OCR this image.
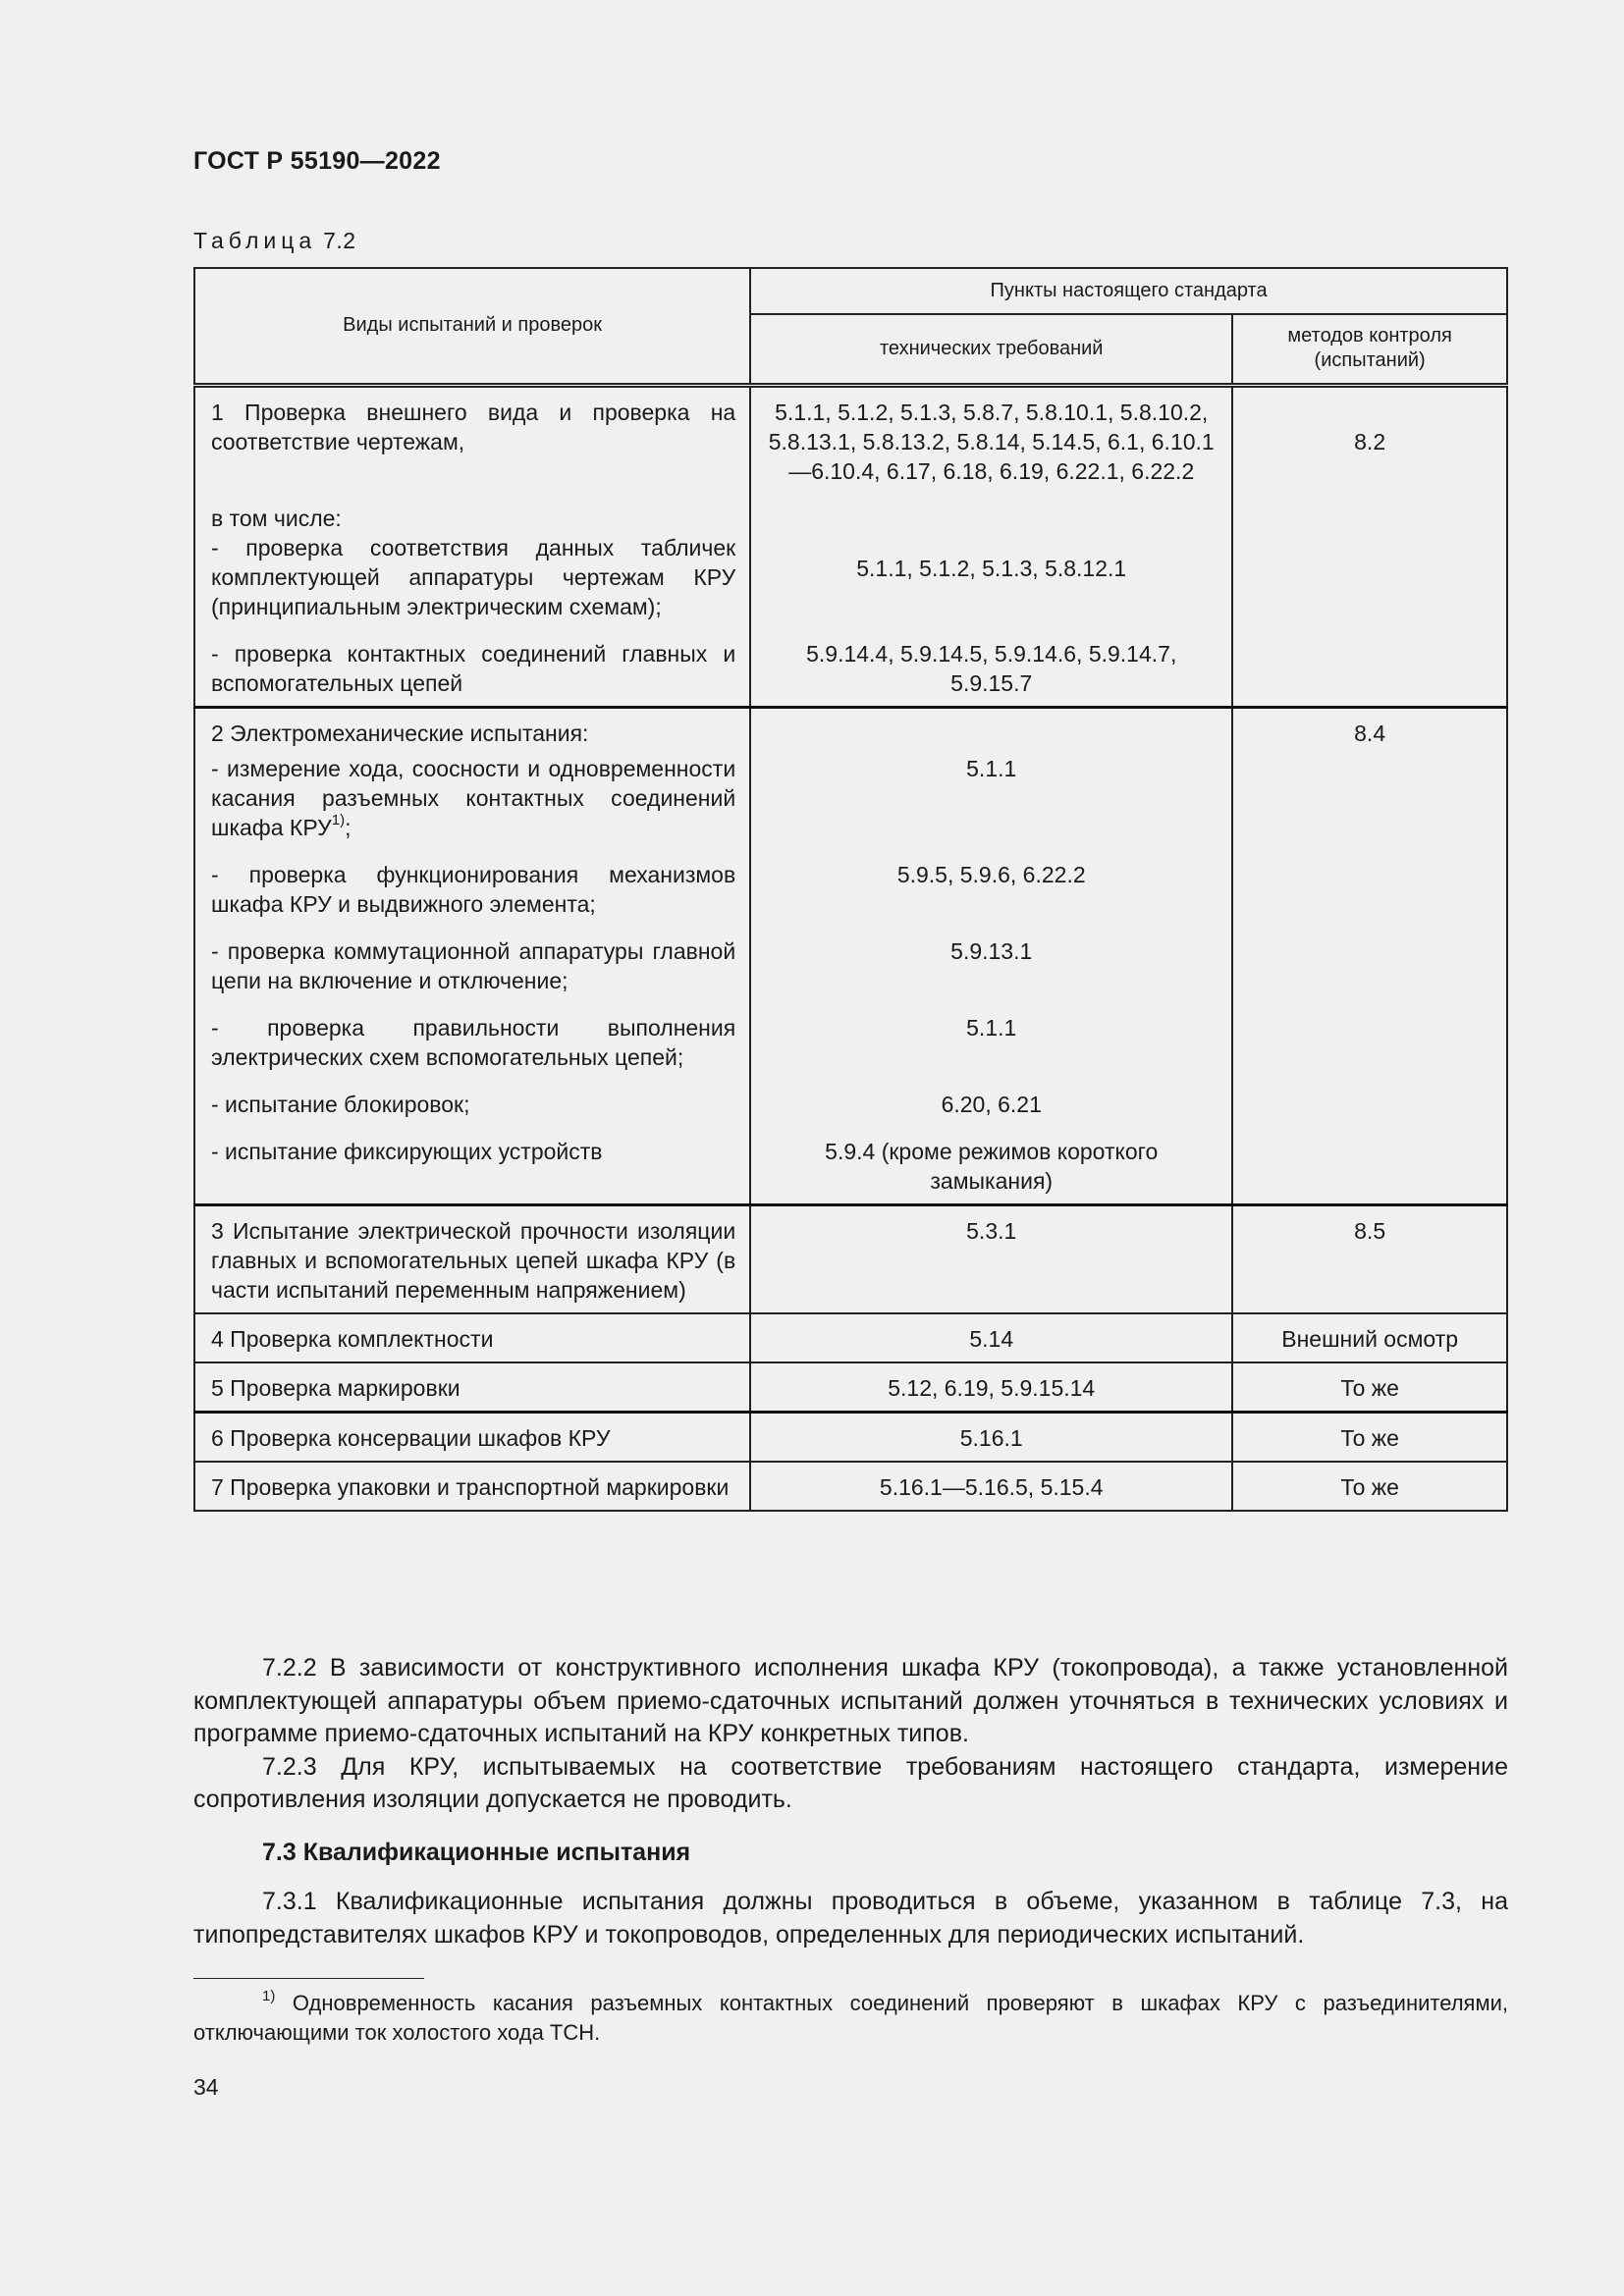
ГОСТ Р 55190—2022
Таблица 7.2
Виды испытаний и проверок	Пункты настоящего стандарта	
	технических требований	методов контроля (испытаний)
1 Проверка внешнего вида и проверка на соответствие чертежам,	5.1.1, 5.1.2, 5.1.3, 5.8.7, 5.8.10.1, 5.8.10.2, 5.8.13.1, 5.8.13.2, 5.8.14, 5.14.5, 6.1, 6.10.1—6.10.4, 6.17, 6.18, 6.19, 6.22.1, 6.22.2	8.2

в том числе:
- проверка соответствия данных табличек комплектующей аппаратуры чертежам КРУ (принципиальным электрическим схемам);	5.1.1, 5.1.2, 5.1.3, 5.8.12.1	
- проверка контактных соединений главных и вспомогательных цепей	5.9.14.4, 5.9.14.5, 5.9.14.6, 5.9.14.7, 5.9.15.7	
2 Электромеханические испытания:		8.4
- измерение хода, соосности и одновременности касания разъемных контактных соединений шкафа КРУ$^{1)}$;	5.1.1	
- проверка функционирования механизмов шкафа КРУ и выдвижного элемента;	5.9.5, 5.9.6, 6.22.2	
- проверка коммутационной аппаратуры главной цепи на включение и отключение;	5.9.13.1	
- проверка правильности выполнения электрических схем вспомогательных цепей;	5.1.1	
- испытание блокировок;	6.20, 6.21	
- испытание фиксирующих устройств	5.9.4 (кроме режимов короткого замыкания)	
3 Испытание электрической прочности изоляции главных и вспомогательных цепей шкафа КРУ (в части испытаний переменным напряжением)	5.3.1	8.5
4 Проверка комплектности	5.14	Внешний осмотр
5 Проверка маркировки	5.12, 6.19, 5.9.15.14	То же
6 Проверка консервации шкафов КРУ	5.16.1	То же
7 Проверка упаковки и транспортной маркировки	5.16.1—5.16.5, 5.15.4	То же

7.2.2 В зависимости от конструктивного исполнения шкафа КРУ (токопровода), а также установленной комплектующей аппаратуры объем приемо-сдаточных испытаний должен уточняться в технических условиях и программе приемо-сдаточных испытаний на КРУ конкретных типов.

7.2.3 Для КРУ, испытываемых на соответствие требованиям настоящего стандарта, измерение сопротивления изоляции допускается не проводить.

7.3 Квалификационные испытания

7.3.1 Квалификационные испытания должны проводиться в объеме, указанном в таблице 7.3, на типопредставителях шкафов КРУ и токопроводов, определенных для периодических испытаний.

$^{1)}$ Одновременность касания разъемных контактных соединений проверяют в шкафах КРУ с разъединителями, отключающими ток холостого хода ТСН.

34
